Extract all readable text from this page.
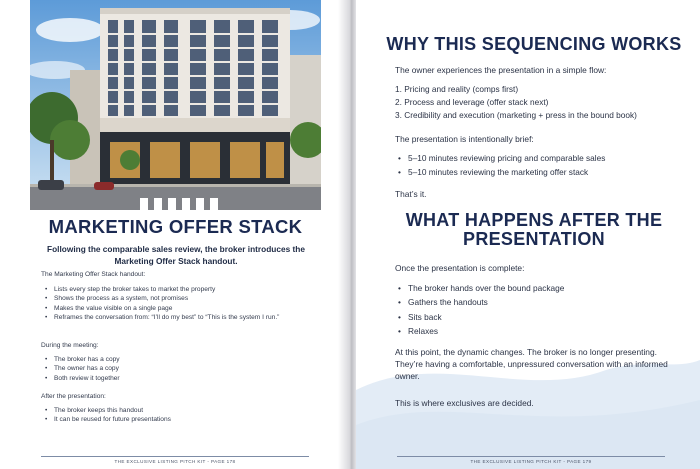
MARKETING OFFER STACK
Following the comparable sales review, the broker introduces the Marketing Offer Stack handout.
The Marketing Offer Stack handout:
• Lists every step the broker takes to market the property
• Shows the process as a system, not promises
• Makes the value visible on a single page
• Reframes the conversation from: “I’ll do my best” to “This is the system I run.”
During the meeting:
• The broker has a copy
• The owner has a copy
• Both review it together
After the presentation:
• The broker keeps this handout
• It can be reused for future presentations
THE EXCLUSIVE LISTING PITCH KIT - PAGE 178
WHY THIS SEQUENCING WORKS
The owner experiences the presentation in a simple flow:
1. Pricing and reality (comps first)
2. Process and leverage (offer stack next)
3. Credibility and execution (marketing + press in the bound book)
The presentation is intentionally brief:
• 5–10 minutes reviewing pricing and comparable sales
• 5–10 minutes reviewing the marketing offer stack
That’s it.
WHAT HAPPENS AFTER THE PRESENTATION
Once the presentation is complete:
• The broker hands over the bound package
• Gathers the handouts
• Sits back
• Relaxes
At this point, the dynamic changes. The broker is no longer presenting. They’re having a comfortable, unpressured conversation with an informed owner.
This is where exclusives are decided.
THE EXCLUSIVE LISTING PITCH KIT - PAGE 179
